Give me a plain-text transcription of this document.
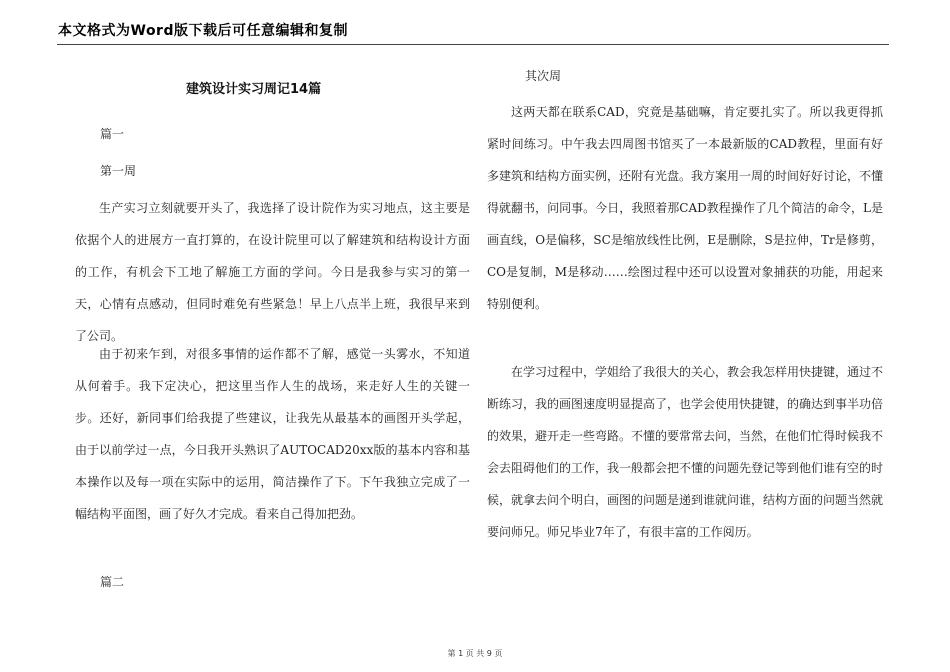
本文格式为Word版下载后可任意编辑和复制
建筑设计实习周记14篇
篇一
第一周
生产实习立刻就要开头了，我选择了设计院作为实习地点，这主要是依据个人的进展方一直打算的，在设计院里可以了解建筑和结构设计方面的工作，有机会下工地了解施工方面的学问。今日是我参与实习的第一天，心情有点感动，但同时难免有些紧急！早上八点半上班，我很早来到了公司。
由于初来乍到，对很多事情的运作都不了解，感觉一头雾水，不知道从何着手。我下定决心，把这里当作人生的战场，来走好人生的关键一步。还好，新同事们给我提了些建议，让我先从最基本的画图开头学起，由于以前学过一点，今日我开头熟识了AUTOCAD20xx版的基本内容和基本操作以及每一项在实际中的运用，简洁操作了下。下午我独立完成了一幅结构平面图，画了好久才完成。看来自己得加把劲。
篇二
其次周
这两天都在联系CAD，究竟是基础嘛，肯定要扎实了。所以我更得抓紧时间练习。中午我去四周图书馆买了一本最新版的CAD教程，里面有好多建筑和结构方面实例，还附有光盘。我方案用一周的时间好好讨论，不懂得就翻书，问同事。今日，我照着那CAD教程操作了几个简洁的命令，L是画直线，O是偏移，SC是缩放线性比例，E是删除，S是拉伸，Tr是修剪，CO是复制，M是移动……绘图过程中还可以设置对象捕获的功能，用起来特别便利。
在学习过程中，学姐给了我很大的关心，教会我怎样用快捷键，通过不断练习，我的画图速度明显提高了，也学会使用快捷键，的确达到事半功倍的效果，避开走一些弯路。不懂的要常常去问，当然，在他们忙得时候我不会去阻碍他们的工作，我一般都会把不懂的问题先登记等到他们谁有空的时候，就拿去问个明白，画图的问题是递到谁就问谁，结构方面的问题当然就要问师兄。师兄毕业7年了，有很丰富的工作阅历。
第 1 页 共 9 页
